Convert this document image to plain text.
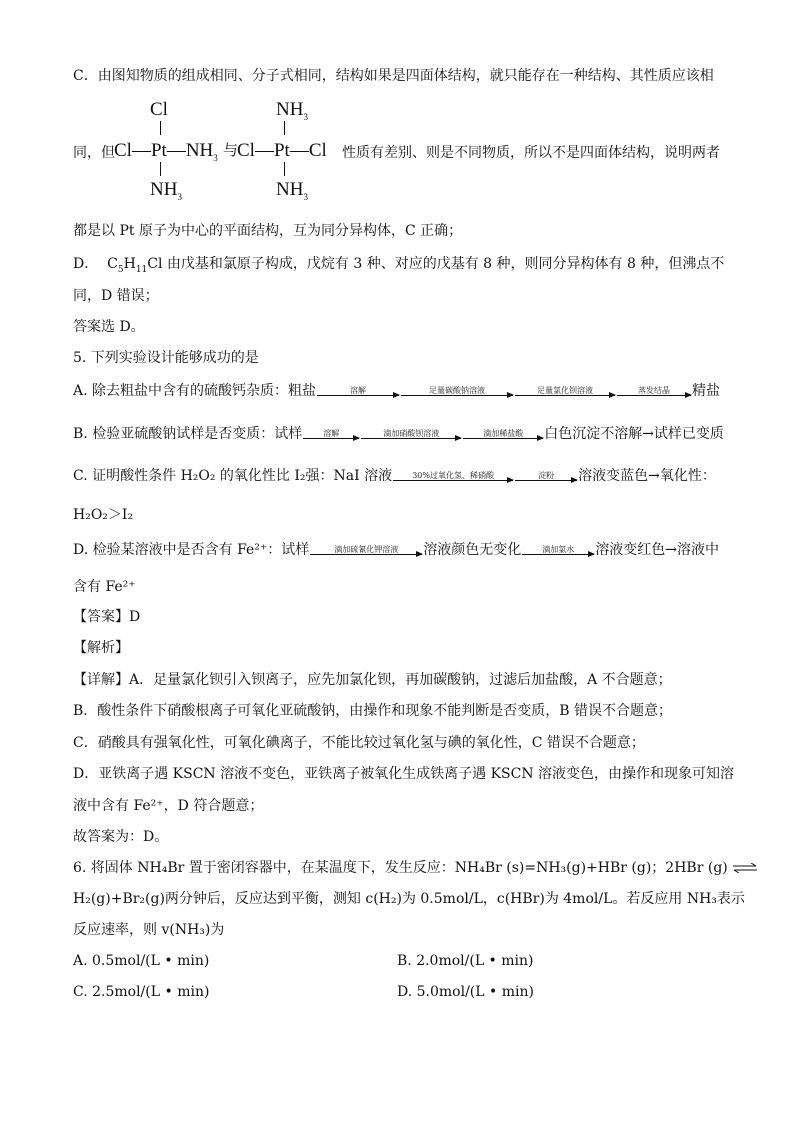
C．由图知物质的组成相同、分子式相同，结构如果是四面体结构，就只能存在一种结构、其性质应该相
同，但
Cl
$Cl—Pt—NH_3$
$NH_3$
与
$NH_3$
Cl—Pt—Cl
$NH_3$
性质有差别、则是不同物质，所以不是四面体结构，说明两者
都是以 Pt 原子为中心的平面结构，互为同分异构体，C 正确；
D． $C_5H_{11}Cl$ 由戊基和氯原子构成，戊烷有 3 种、对应的戊基有 8 种，则同分异构体有 8 种，但沸点不
同，D 错误；
答案选 D。
5. 下列实验设计能够成功的是
A. 除去粗盐中含有的硫酸钙杂质：粗盐	溶解	足量碳酸钠溶液	足量氯化钡溶液	蒸发结晶	精盐
B. 检验亚硫酸钠试样是否变质：试样	溶解	滴加硝酸钡溶液	滴加稀盐酸	白色沉淀不溶解→试样已变质
C. 证明酸性条件 H₂O₂ 的氧化性比 I₂强：NaI 溶液	30%过氧化氢、稀硝酸	淀粉	溶液变蓝色→氧化性：
H₂O₂＞I₂
D. 检验某溶液中是否含有 Fe²⁺：试样	滴加硫氰化钾溶液	溶液颜色无变化	滴加氯水	溶液变红色→溶液中
含有 Fe²⁺
【答案】D
【解析】
【详解】A．足量氯化钡引入钡离子，应先加氯化钡，再加碳酸钠，过滤后加盐酸，A 不合题意；
B．酸性条件下硝酸根离子可氧化亚硫酸钠，由操作和现象不能判断是否变质，B 错误不合题意；
C．硝酸具有强氧化性，可氧化碘离子，不能比较过氧化氢与碘的氧化性，C 错误不合题意；
D．亚铁离子遇 KSCN 溶液不变色，亚铁离子被氧化生成铁离子遇 KSCN 溶液变色，由操作和现象可知溶
液中含有 Fe²⁺，D 符合题意；
故答案为：D。
6. 将固体 NH₄Br 置于密闭容器中，在某温度下，发生反应：NH₄Br (s)=NH₃(g)+HBr (g)；2HBr (g) ⇌
H₂(g)+Br₂(g)两分钟后，反应达到平衡，测知 c(H₂)为 0.5mol/L，c(HBr)为 4mol/L。若反应用 NH₃表示
反应速率，则 v(NH₃)为
A. 0.5mol/(L • min)	B. 2.0mol/(L • min)
C. 2.5mol/(L • min)	D. 5.0mol/(L • min)
